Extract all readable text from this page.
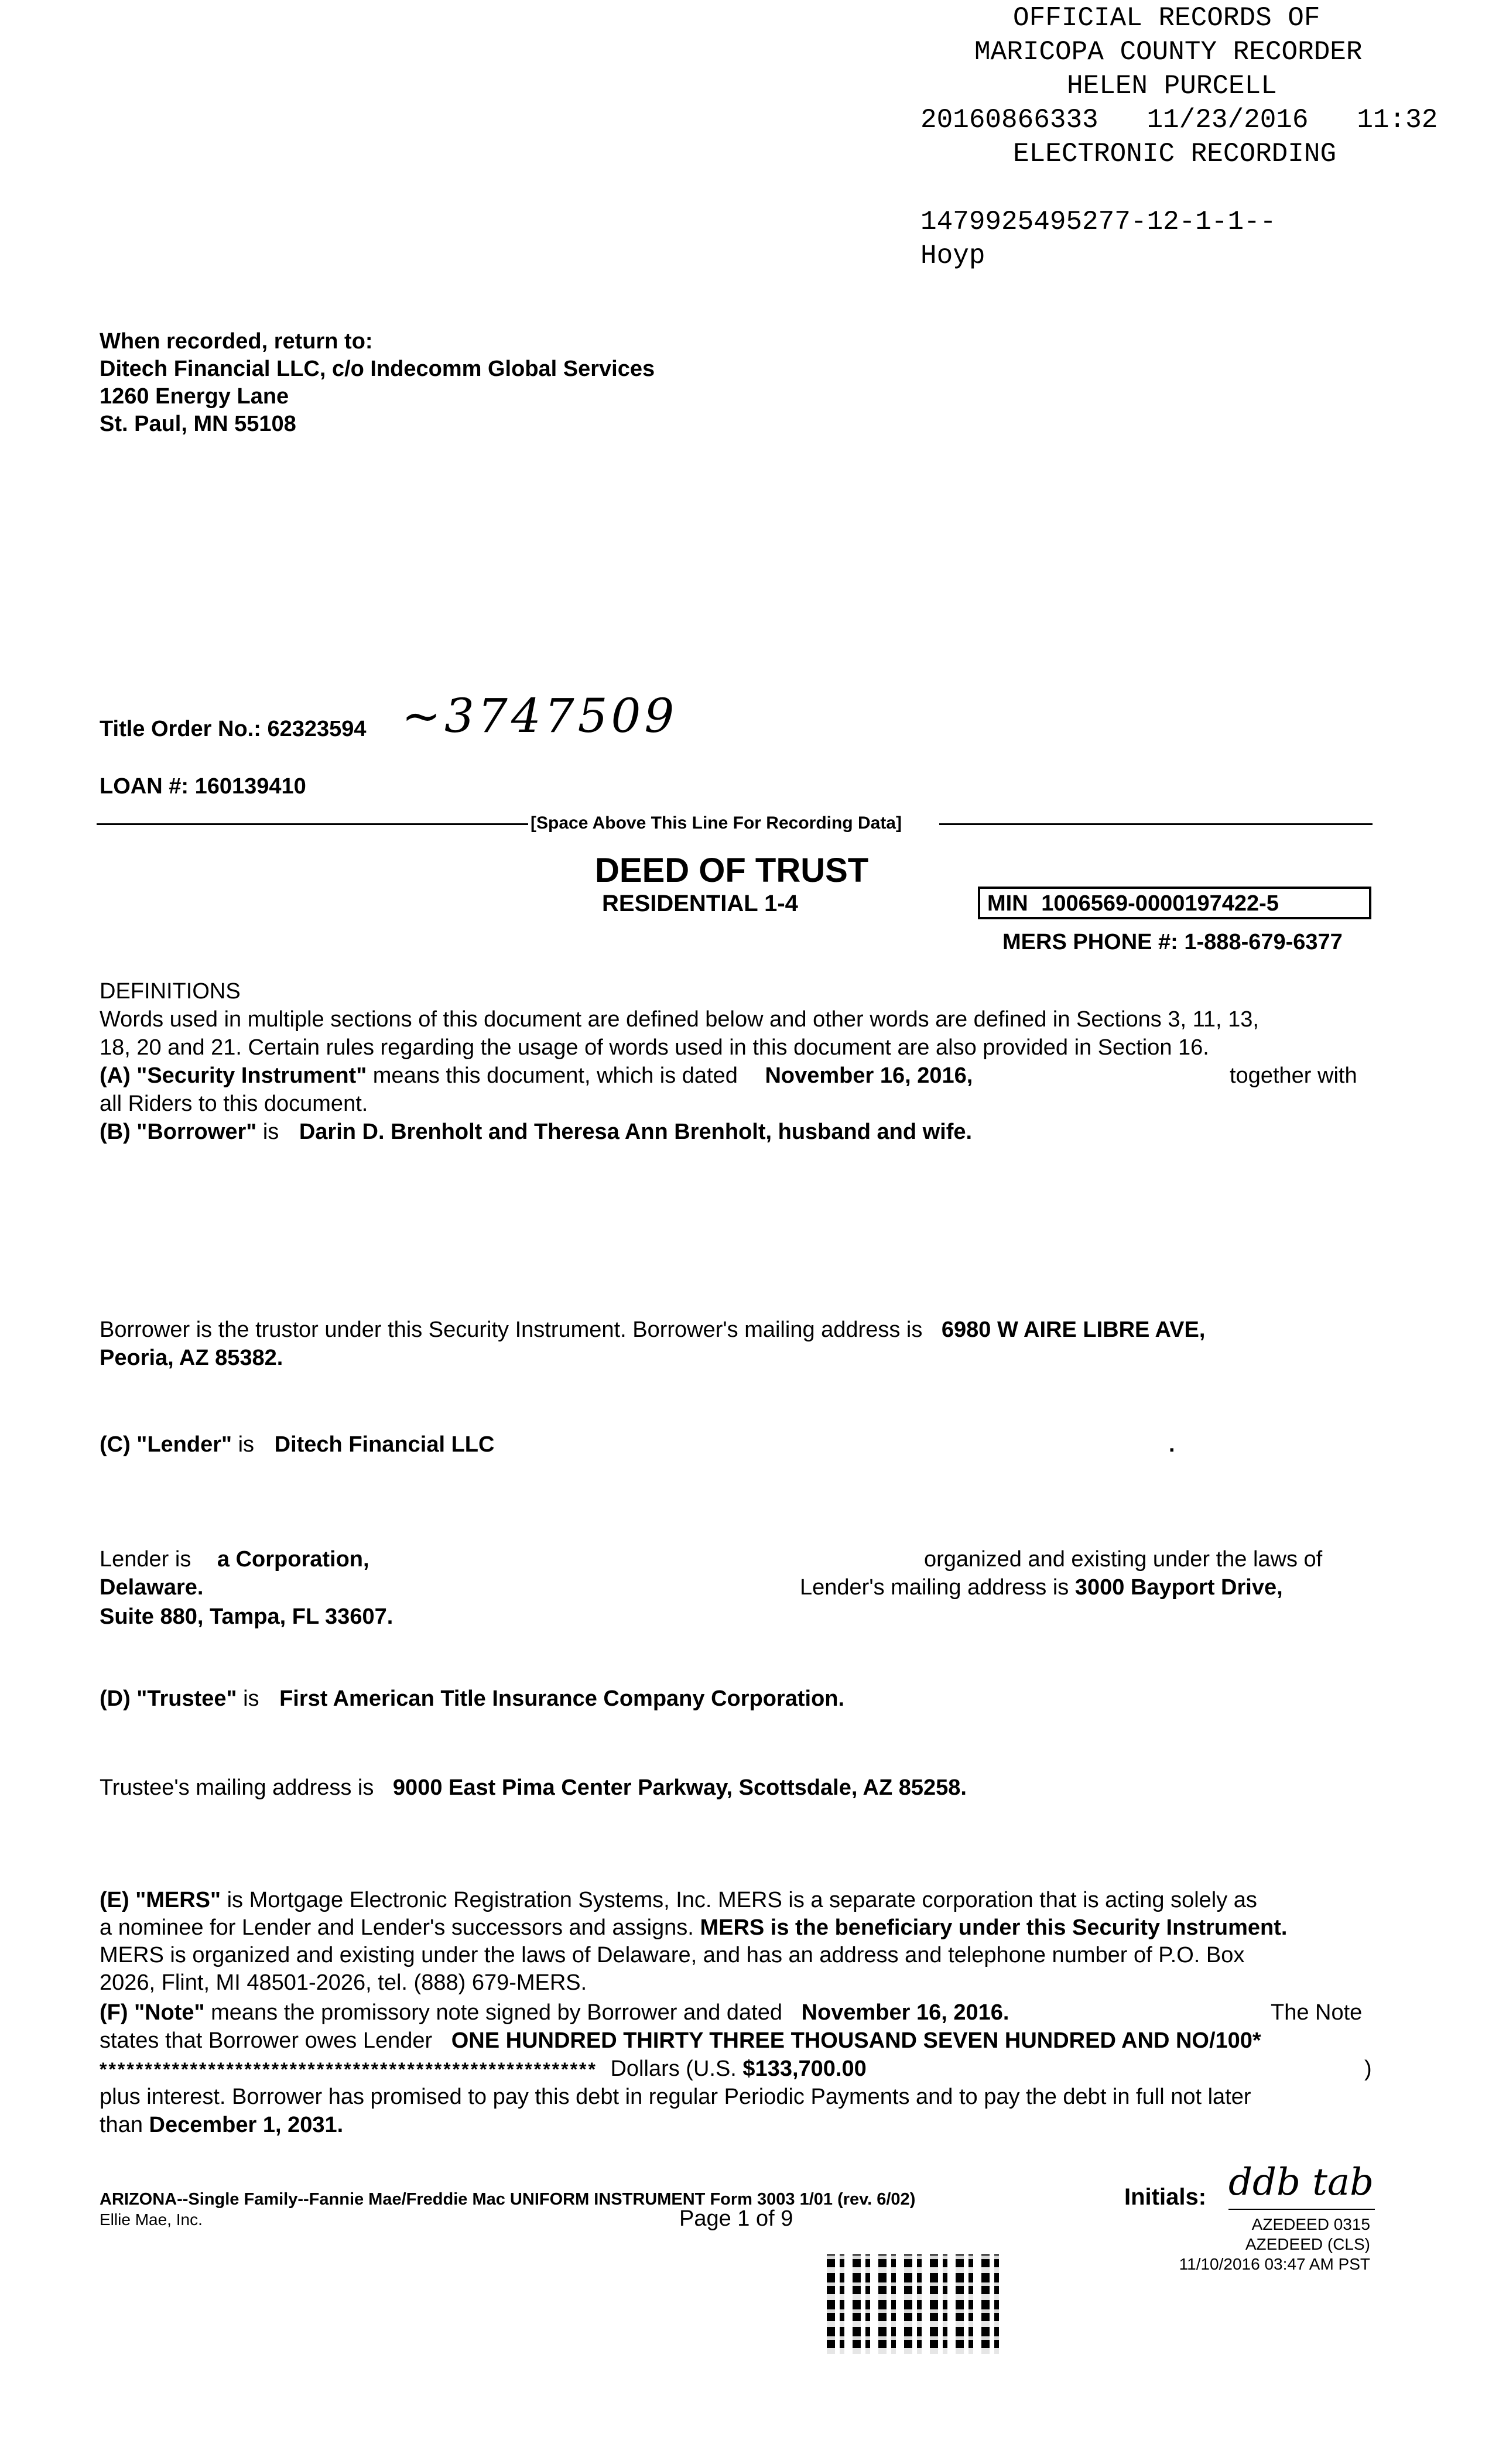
OFFICIAL RECORDS OF
MARICOPA COUNTY RECORDER
HELEN PURCELL
20160866333   11/23/2016   11:32
ELECTRONIC RECORDING
1479925495277-12-1-1--
Hoyp
When recorded, return to:
Ditech Financial LLC, c/o Indecomm Global Services
1260 Energy Lane
St. Paul, MN 55108
Title Order No.: 62323594 ~3747509
LOAN #: 160139410
[Space Above This Line For Recording Data]
DEED OF TRUST
RESIDENTIAL 1-4	MIN 1006569-0000197422-5
MERS PHONE #: 1-888-679-6377
DEFINITIONS
Words used in multiple sections of this document are defined below and other words are defined in Sections 3, 11, 13,
18, 20 and 21. Certain rules regarding the usage of words used in this document are also provided in Section 16.
(A) "Security Instrument" means this document, which is dated November 16, 2016,	together with
all Riders to this document.
(B) "Borrower" is Darin D. Brenholt and Theresa Ann Brenholt, husband and wife.
Borrower is the trustor under this Security Instrument. Borrower's mailing address is 6980 W AIRE LIBRE AVE,
Peoria, AZ 85382.
(C) "Lender" is Ditech Financial LLC	.
Lender is a Corporation,	organized and existing under the laws of
Delaware.	Lender's mailing address is 3000 Bayport Drive,
Suite 880, Tampa, FL 33607.
(D) "Trustee" is First American Title Insurance Company Corporation.
Trustee's mailing address is 9000 East Pima Center Parkway, Scottsdale, AZ 85258.
(E) "MERS" is Mortgage Electronic Registration Systems, Inc. MERS is a separate corporation that is acting solely as
a nominee for Lender and Lender's successors and assigns. MERS is the beneficiary under this Security Instrument.
MERS is organized and existing under the laws of Delaware, and has an address and telephone number of P.O. Box
2026, Flint, MI 48501-2026, tel. (888) 679-MERS.
(F) "Note" means the promissory note signed by Borrower and dated November 16, 2016.	The Note
states that Borrower owes Lender ONE HUNDRED THIRTY THREE THOUSAND SEVEN HUNDRED AND NO/100*
******************************************************* Dollars (U.S. $133,700.00	)
plus interest. Borrower has promised to pay this debt in regular Periodic Payments and to pay the debt in full not later
than December 1, 2031.
ARIZONA--Single Family--Fannie Mae/Freddie Mac UNIFORM INSTRUMENT Form 3003 1/01 (rev. 6/02)
Ellie Mae, Inc.	Page 1 of 9
Initials: ddb tab
AZEDEED 0315
AZEDEED (CLS)
11/10/2016 03:47 AM PST
